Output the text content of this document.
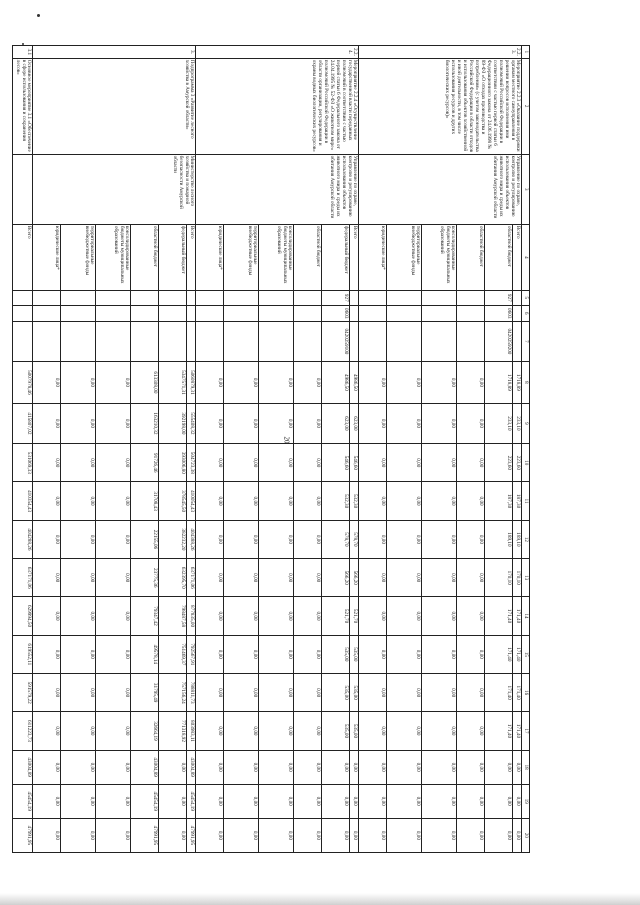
20
1	2	3	4	5	6	7	8	9	10	11	12	13	14	15	16	17	18	19	20
2.2.3.	Мероприятие 2.2.3 «Оказание поддержки органам местного самоуправления в решении вопросов исполнения ими полномочий Российской Федерации в соответствии с частью первой статьи 6 Федерационного закона от 24.06.1998 № 89-ФЗ «О отходах производства и потребления» (с учетом законодательства Российской Федерации в области отходов и использования объектов хозяйственной и иной деятельности, в том числе использования ресурсов и других биологических ресурсов)»	Управление по охране, контролю и регулированию использования объектов животного мира и среды их обитания Амурской области	Всего				1718,89	233,10	223,60	187,30	189,10	170,10	171,40	171,40	171,40	171,40	0,00	0,00	0,00
			областной бюджет	927	0603	0420259200	1718,89	233,10	223,60	187,30	189,10	170,10	171,40	171,40	171,40	171,40	0,00	0,00	0,00
			областной бюджет				0,00	0,00	0,00	0,00	0,00	0,00	0,00	0,00	0,00	0,00	0,00	0,00	0,00
			консолидированные бюджеты муниципальных образований				0,00	0,00	0,00	0,00	0,00	0,00	0,00	0,00	0,00	0,00	0,00	0,00	0,00
			территориальные внебюджетные фонды				0,00	0,00	0,00	0,00	0,00	0,00	0,00	0,00	0,00	0,00	0,00	0,00	0,00
			юридические лица*				0,00	0,00	0,00	0,00	0,00	0,00	0,00	0,00	0,00	0,00	0,00	0,00	0,00
2.2.4.	Мероприятие 2.2.4 «Осуществление государственной власти переданных полномочий в соответствии с частью первой статьи 6 Федерального закона от 24.04.1995 № 52-ФЗ «О животном мире» полномочий Российской Федерации в области организации, регулирования и охраны водных биологических ресурсов»	Управление по охране, контролю и регулированию использования объектов животного мира и среды их обитания Амурской области	Всего				4986,50	623,00	546,60	532,30	578,70	566,20	521,70	535,00	535,00	535,00	0,00	0,00	0,00
			федеральный бюджет	927	0603	0420259100	4986,50	623,00	546,60	532,30	578,70	566,20	521,70	535,00	535,00	535,00	0,00	0,00	0,00
			областной бюджет				0,00	0,00	0,00	0,00	0,00	0,00	0,00	0,00	0,00	0,00	0,00	0,00	0,00
			консолидированные бюджеты муниципальных образований				0,00	0,00	0,00	0,00	0,00	0,00	0,00	0,00	0,00	0,00	0,00	0,00	0,00
			территориальные внебюджетные фонды				0,00	0,00	0,00	0,00	0,00	0,00	0,00	0,00	0,00	0,00	0,00	0,00	0,00
			юридические лица*				0,00	0,00	0,00	0,00	0,00	0,00	0,00	0,00	0,00	0,00	0,00	0,00	0,00
3.	Подпрограмма 3 «Развитие лесного хозяйства в Амурской области»	Министерство лесного хозяйства и пожарной безопасности Амурской области	Всего				5060879,31	555408,32	504723,38	410054,43	404388,26	637171,06	877835,00	792567,91	788811,73	803983,11	43004,89	45454,19	47991,95
			федеральный бюджет				5347571,31	392198,00	393006,80	378545,50	382232,20	632395,70	798487,58	751469,37	757156,24	771318,92	0,00	0,00	0,00
			областной бюджет				613308,00	163210,32	91726,46	31708,43	22155,06	23775,36	79347,42	49578,14	31795,49	32664,19	43004,89	45454,19	47991,95
			консолидированные бюджеты муниципальных образований				0,00	0,00	0,00	0,00	0,00	0,00	0,00	0,00	0,00	0,00	0,00	0,00	0,00
			территориальные внебюджетные фонды				0,00	0,00	0,00	0,00	0,00	0,00	0,00	0,00	0,00	0,00	0,00	0,00	0,00
			юридические лица*				0,00	0,00	0,00	0,00	0,00	0,00	0,00	0,00	0,00	0,00	0,00	0,00	0,00
3.1	Основное мероприятие 3.1 «Обеспечение в сфере использования и сохранения лесов»		Всего				5007978,46	415807,02	531069,33	410354,43	404288,26	637171,06	629994,50	619552,11	591579,22	611223,73	43004,89	45454,19	47991,95
